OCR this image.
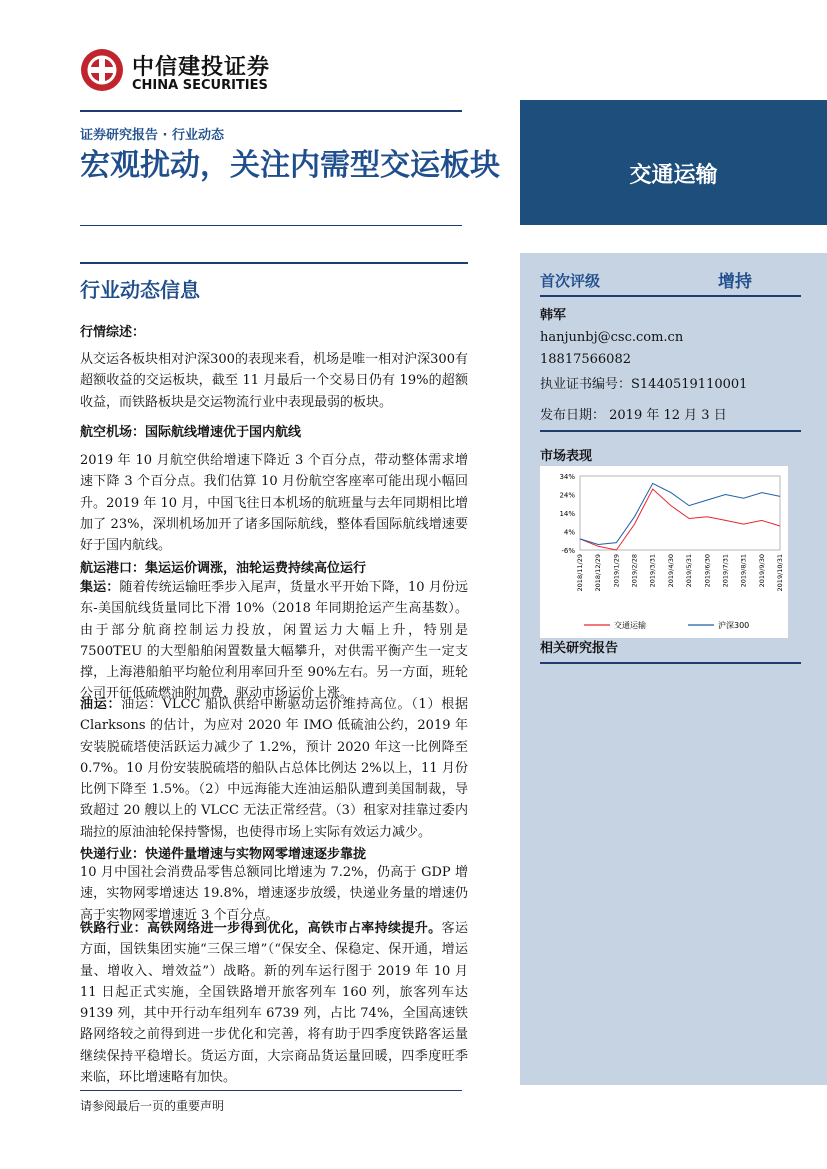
中信建投证券
CHINA SECURITIES
证券研究报告 · 行业动态
宏观扰动，关注内需型交运板块	交通运输
行业动态信息
行情综述：
从交运各板块相对沪深300的表现来看，机场是唯一相对沪深300有超额收益的交运板块，截至 11 月最后一个交易日仍有 19%的超额收益，而铁路板块是交运物流行业中表现最弱的板块。
航空机场：国际航线增速优于国内航线
2019 年 10 月航空供给增速下降近 3 个百分点，带动整体需求增速下降 3 个百分点。我们估算 10 月份航空客座率可能出现小幅回升。2019 年 10 月，中国飞往日本机场的航班量与去年同期相比增加了 23%，深圳机场加开了诸多国际航线，整体看国际航线增速要好于国内航线。
航运港口：集运运价调涨，油轮运费持续高位运行
集运：随着传统运输旺季步入尾声，货量水平开始下降，10 月份远东-美国航线货量同比下滑 10%（2018 年同期抢运产生高基数）。由于部分航商控制运力投放，闲置运力大幅上升，特别是 7500TEU 的大型船舶闲置数量大幅攀升，对供需平衡产生一定支撑，上海港船舶平均舱位利用率回升至 90%左右。另一方面，班轮公司开征低硫燃油附加费，驱动市场运价上涨。
油运：油运：VLCC 船队供给中断驱动运价维持高位。（1）根据 Clarksons 的估计，为应对 2020 年 IMO 低硫油公约，2019 年安装脱硫塔使活跃运力减少了 1.2%，预计 2020 年这一比例降至 0.7%。10 月份安装脱硫塔的船队占总体比例达 2%以上，11 月份比例下降至 1.5%。（2）中远海能大连油运船队遭到美国制裁，导致超过 20 艘以上的 VLCC 无法正常经营。（3）租家对挂靠过委内瑞拉的原油油轮保持警惕，也使得市场上实际有效运力减少。
快递行业：快递件量增速与实物网零增速逐步靠拢
10 月中国社会消费品零售总额同比增速为 7.2%，仍高于 GDP 增速，实物网零增速达 19.8%，增速逐步放缓，快递业务量的增速仍高于实物网零增速近 3 个百分点。
铁路行业：高铁网络进一步得到优化，高铁市占率持续提升。客运方面，国铁集团实施“三保三增”（“保安全、保稳定、保开通，增运量、增收入、增效益”）战略。新的列车运行图于 2019 年 10 月 11 日起正式实施，全国铁路增开旅客列车 160 列，旅客列车达 9139 列，其中开行动车组列车 6739 列，占比 74%，全国高速铁路网络较之前得到进一步优化和完善，将有助于四季度铁路客运量继续保持平稳增长。货运方面，大宗商品货运量回暖，四季度旺季来临，环比增速略有加快。
首次评级	增持
韩军
hanjunbj@csc.com.cn
18817566082
执业证书编号：S1440519110001
发布日期： 2019 年 12 月 3 日
市场表现
34%
24%
14%
4%
-6%
2018/11/29 2018/12/29 2019/1/29 2019/2/28 2019/3/31 2019/4/30 2019/5/31 2019/6/30 2019/7/31 2019/8/31 2019/9/30 2019/10/31
交通运输	沪深300
相关研究报告
请参阅最后一页的重要声明
